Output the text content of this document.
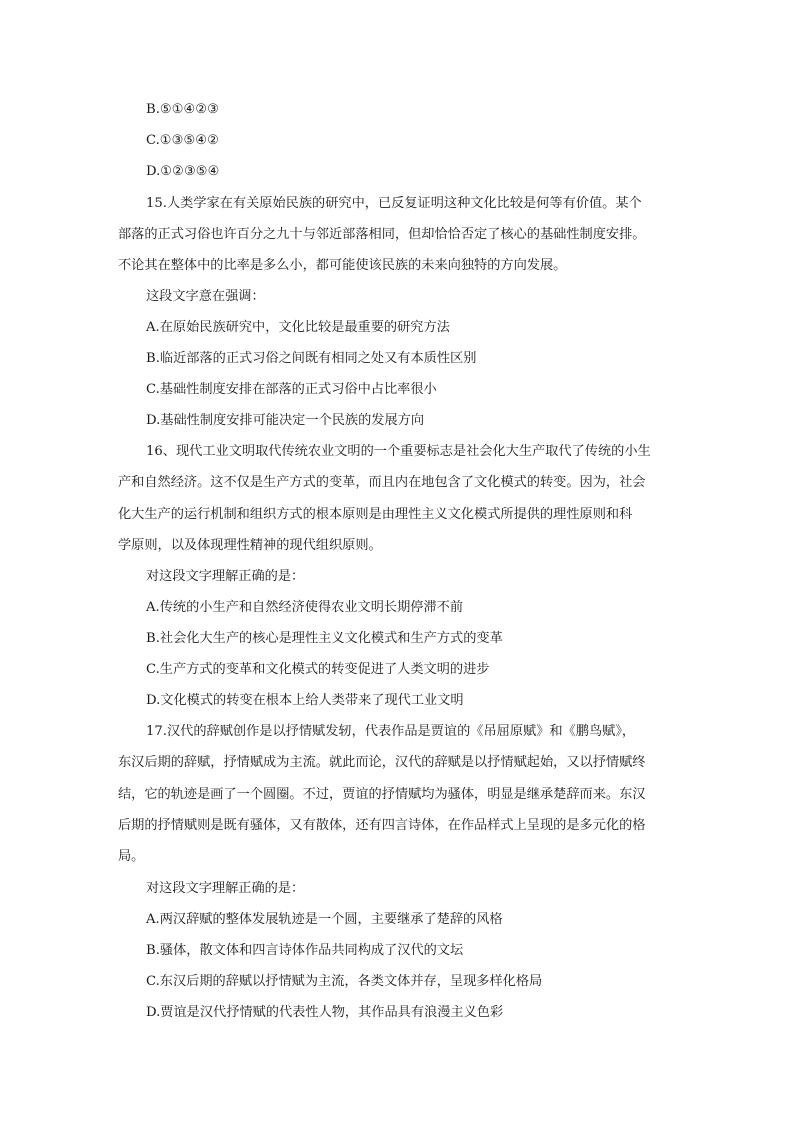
B.⑤①④②③
C.①③⑤④②
D.①②③⑤④
15.人类学家在有关原始民族的研究中，已反复证明这种文化比较是何等有价值。某个
部落的正式习俗也许百分之九十与邻近部落相同，但却恰恰否定了核心的基础性制度安排。
不论其在整体中的比率是多么小，都可能使该民族的未来向独特的方向发展。
这段文字意在强调：
A.在原始民族研究中，文化比较是最重要的研究方法
B.临近部落的正式习俗之间既有相同之处又有本质性区别
C.基础性制度安排在部落的正式习俗中占比率很小
D.基础性制度安排可能决定一个民族的发展方向
16、现代工业文明取代传统农业文明的一个重要标志是社会化大生产取代了传统的小生
产和自然经济。这不仅是生产方式的变革，而且内在地包含了文化模式的转变。因为，社会
化大生产的运行机制和组织方式的根本原则是由理性主义文化模式所提供的理性原则和科
学原则，以及体现理性精神的现代组织原则。
对这段文字理解正确的是：
A.传统的小生产和自然经济使得农业文明长期停滞不前
B.社会化大生产的核心是理性主义文化模式和生产方式的变革
C.生产方式的变革和文化模式的转变促进了人类文明的进步
D.文化模式的转变在根本上给人类带来了现代工业文明
17.汉代的辞赋创作是以抒情赋发轫，代表作品是贾谊的《吊屈原赋》和《鹏鸟赋》，
东汉后期的辞赋，抒情赋成为主流。就此而论，汉代的辞赋是以抒情赋起始，又以抒情赋终
结，它的轨迹是画了一个圆圈。不过，贾谊的抒情赋均为骚体，明显是继承楚辞而来。东汉
后期的抒情赋则是既有骚体，又有散体，还有四言诗体，在作品样式上呈现的是多元化的格
局。
对这段文字理解正确的是：
A.两汉辞赋的整体发展轨迹是一个圆，主要继承了楚辞的风格
B.骚体，散文体和四言诗体作品共同构成了汉代的文坛
C.东汉后期的辞赋以抒情赋为主流，各类文体并存，呈现多样化格局
D.贾谊是汉代抒情赋的代表性人物，其作品具有浪漫主义色彩
